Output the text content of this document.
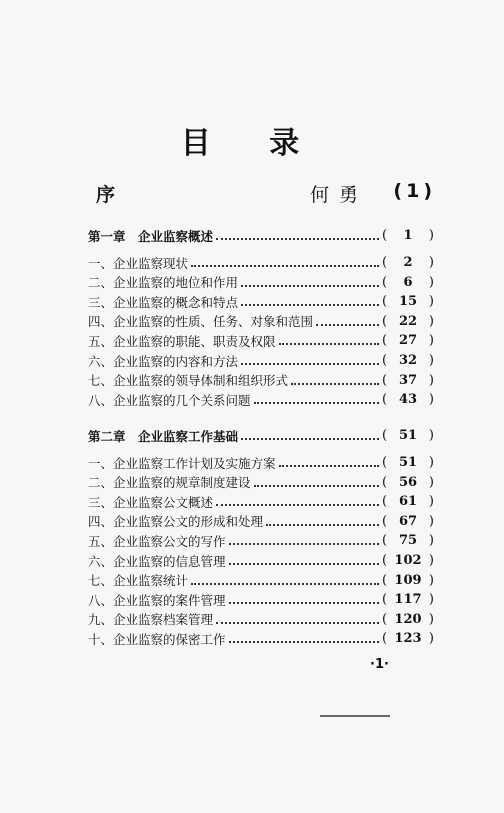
目 录
序	何勇	(1)
第一章　企业监察概述	(	1	)
一、企业监察现状	(	2	)
二、企业监察的地位和作用	(	6	)
三、企业监察的概念和特点	( 15 )
四、企业监察的性质、任务、对象和范围	( 22 )
五、企业监察的职能、职责及权限	( 27 )
六、企业监察的内容和方法	( 32 )
七、企业监察的领导体制和组织形式	( 37 )
八、企业监察的几个关系问题	( 43 )
第二章　企业监察工作基础	( 51 )
一、企业监察工作计划及实施方案	( 51 )
二、企业监察的规章制度建设	( 56 )
三、企业监察公文概述	( 61 )
四、企业监察公文的形成和处理	( 67 )
五、企业监察公文的写作	( 75 )
六、企业监察的信息管理	( 102 )
七、企业监察统计	( 109 )
八、企业监察的案件管理	( 117 )
九、企业监察档案管理	( 120 )
十、企业监察的保密工作	( 123 )
·1·
